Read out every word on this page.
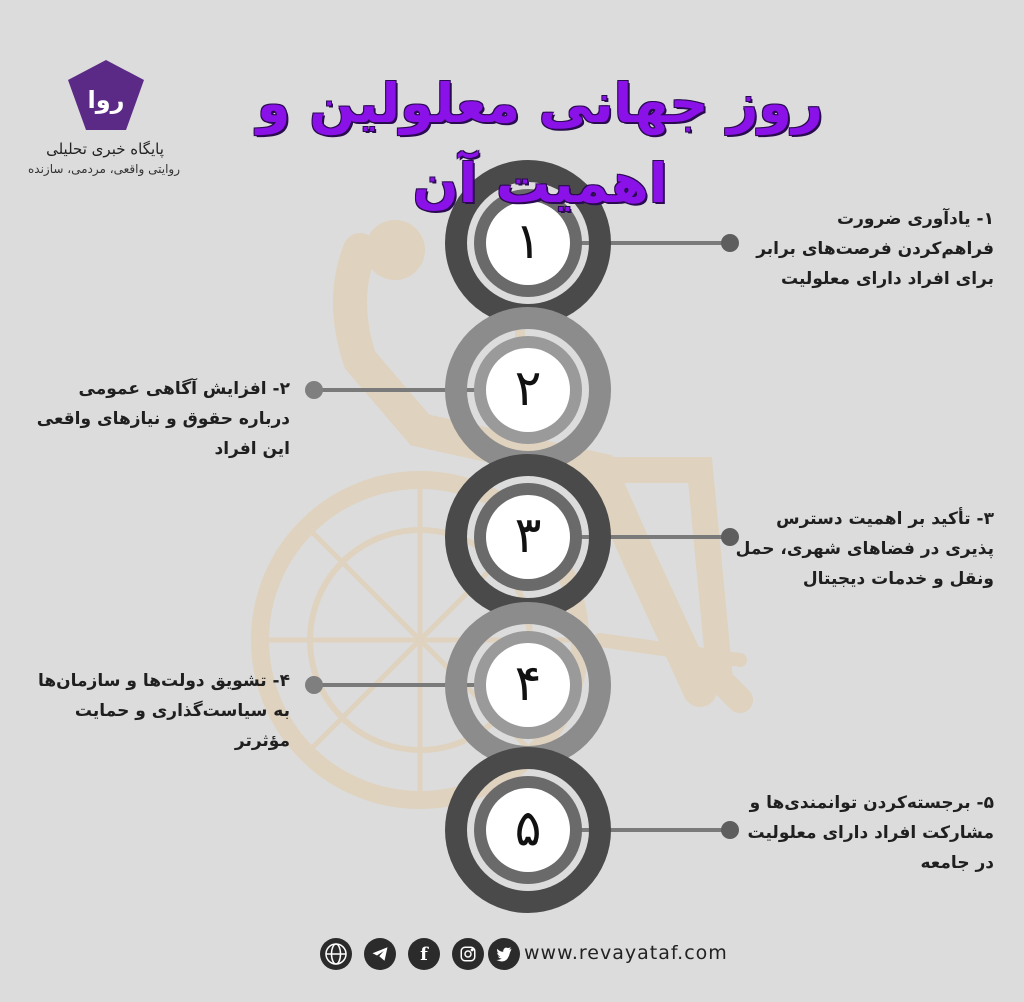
۱
۲
۳
۴
۵
روز جهانی معلولین و اهمیت آن
روا
پایگاه خبری تحلیلی
روایتی واقعی، مردمی، سازنده
۱- یادآوری ضرورت فراهم‌کردن فرصت‌های برابر برای افراد دارای معلولیت
۲- افزایش آگاهی عمومی درباره حقوق و نیازهای واقعی این افراد
۳- تأکید بر اهمیت دسترس پذیری در فضاهای شهری، حمل ونقل و خدمات دیجیتال
۴- تشویق دولت‌ها و سازمان‌ها به سیاست‌گذاری و حمایت مؤثرتر
۵- برجسته‌کردن توانمندی‌ها و مشارکت افراد دارای معلولیت در جامعه
f	www.revayataf.com
